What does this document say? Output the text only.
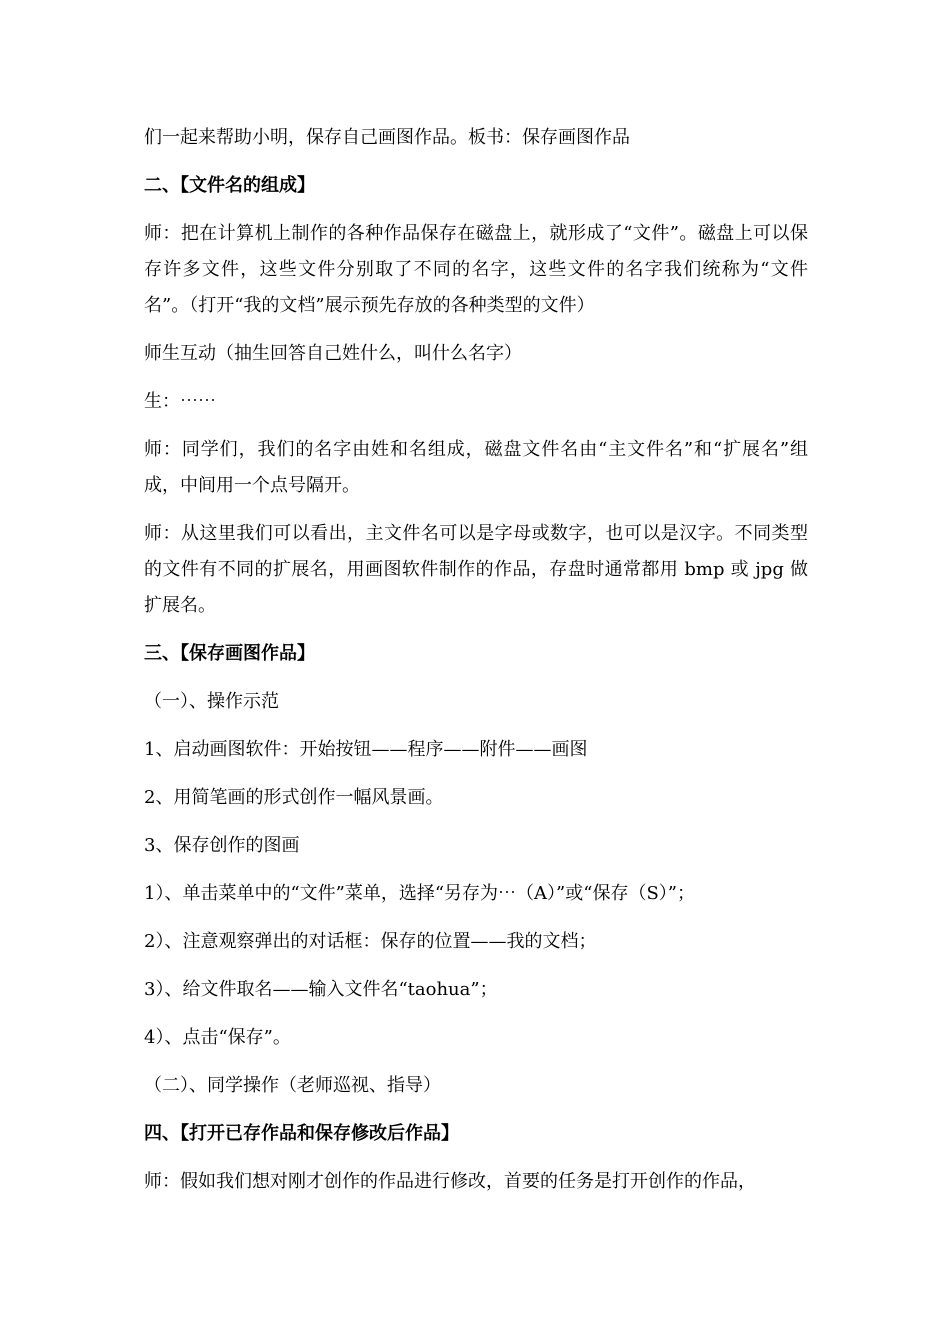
们一起来帮助小明，保存自己画图作品。板书：保存画图作品
二、【文件名的组成】
师：把在计算机上制作的各种作品保存在磁盘上，就形成了“文件”。磁盘上可以保存许多文件，这些文件分别取了不同的名字，这些文件的名字我们统称为“文件名”。（打开“我的文档”展示预先存放的各种类型的文件）
师生互动（抽生回答自己姓什么，叫什么名字）
生：⋯⋯
师：同学们，我们的名字由姓和名组成，磁盘文件名由“主文件名”和“扩展名”组成，中间用一个点号隔开。
师：从这里我们可以看出，主文件名可以是字母或数字，也可以是汉字。不同类型的文件有不同的扩展名，用画图软件制作的作品，存盘时通常都用 bmp 或 jpg 做扩展名。
三、【保存画图作品】
（一）、操作示范
1、启动画图软件：开始按钮——程序——附件——画图
2、用简笔画的形式创作一幅风景画。
3、保存创作的图画
1）、单击菜单中的“文件”菜单，选择“另存为⋯（A）”或“保存（S）”；
2）、注意观察弹出的对话框：保存的位置——我的文档；
3）、给文件取名——输入文件名“taohua”；
4）、点击“保存”。
（二）、同学操作（老师巡视、指导）
四、【打开已存作品和保存修改后作品】
师：假如我们想对刚才创作的作品进行修改，首要的任务是打开创作的作品，
